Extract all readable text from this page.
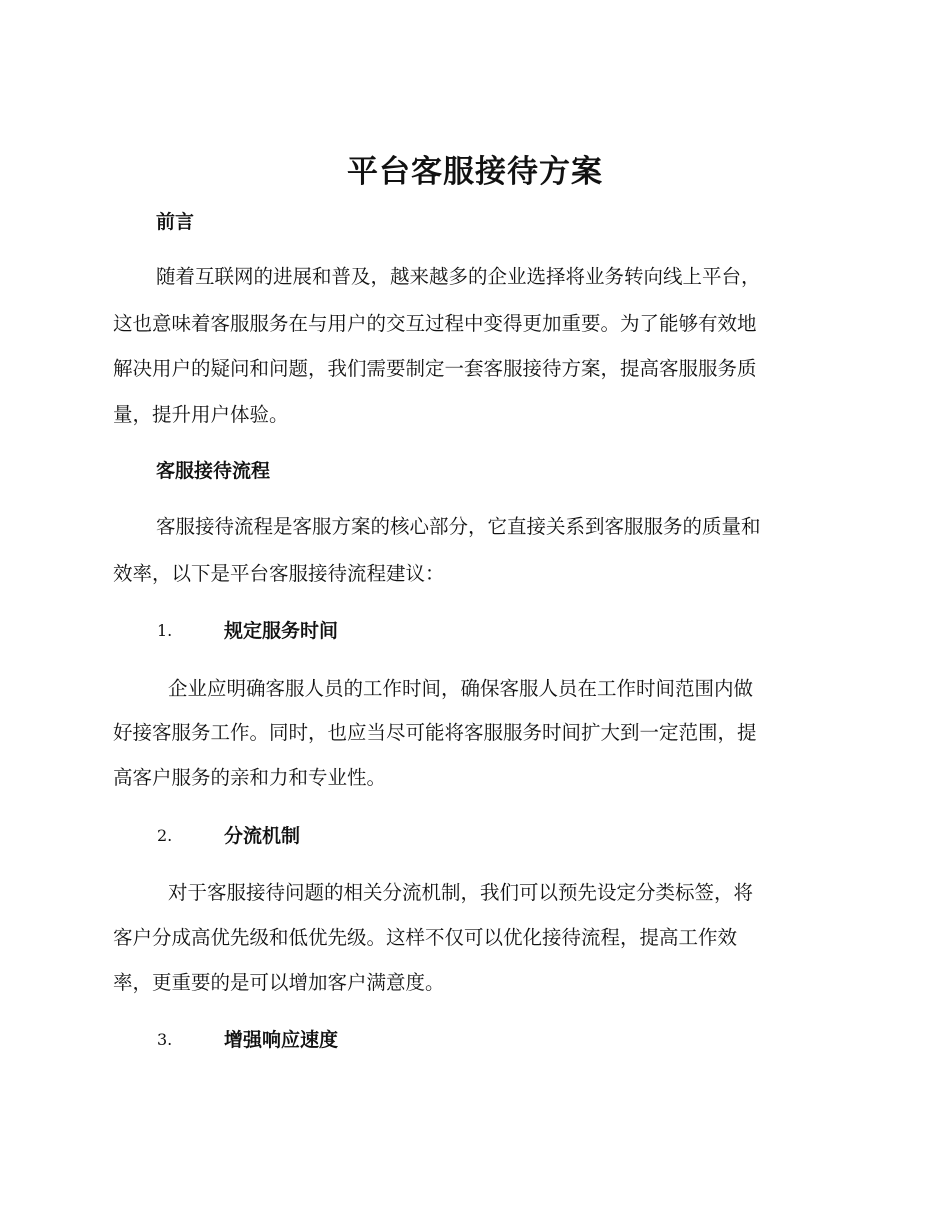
平台客服接待方案
前言
随着互联网的进展和普及，越来越多的企业选择将业务转向线上平台，
这也意味着客服服务在与用户的交互过程中变得更加重要。为了能够有效地
解决用户的疑问和问题，我们需要制定一套客服接待方案，提高客服服务质
量，提升用户体验。
客服接待流程
客服接待流程是客服方案的核心部分，它直接关系到客服服务的质量和
效率，以下是平台客服接待流程建议：
1.	规定服务时间
企业应明确客服人员的工作时间，确保客服人员在工作时间范围内做
好接客服务工作。同时，也应当尽可能将客服服务时间扩大到一定范围，提
高客户服务的亲和力和专业性。
2.	分流机制
对于客服接待问题的相关分流机制，我们可以预先设定分类标签，将
客户分成高优先级和低优先级。这样不仅可以优化接待流程，提高工作效
率，更重要的是可以增加客户满意度。
3.	增强响应速度
